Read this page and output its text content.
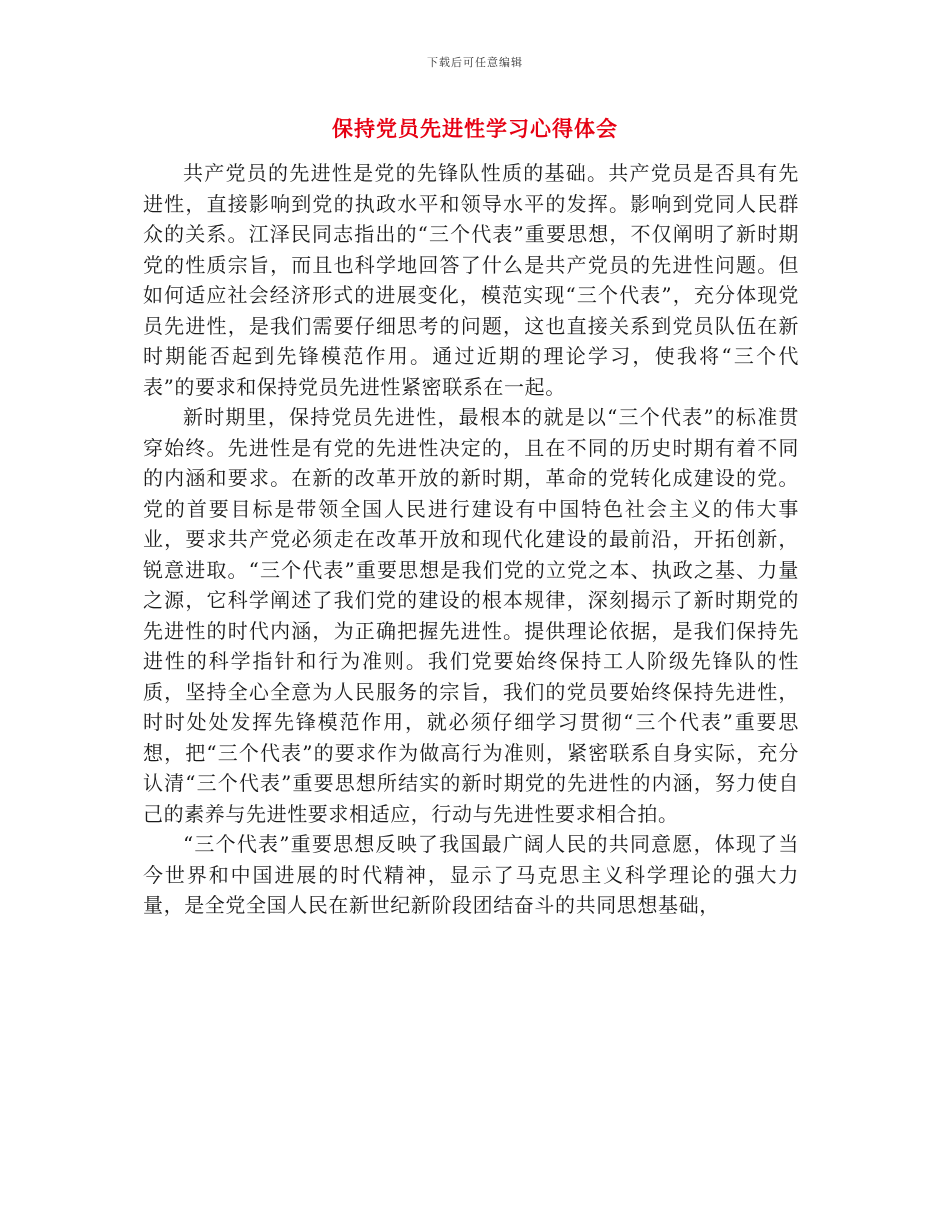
下载后可任意编辑
保持党员先进性学习心得体会

共产党员的先进性是党的先锋队性质的基础。共产党员是否具有先进性，直接影响到党的执政水平和领导水平的发挥。影响到党同人民群众的关系。江泽民同志指出的“三个代表”重要思想，不仅阐明了新时期党的性质宗旨，而且也科学地回答了什么是共产党员的先进性问题。但如何适应社会经济形式的进展变化，模范实现“三个代表”，充分体现党员先进性，是我们需要仔细思考的问题，这也直接关系到党员队伍在新时期能否起到先锋模范作用。通过近期的理论学习，使我将“三个代表”的要求和保持党员先进性紧密联系在一起。

新时期里，保持党员先进性，最根本的就是以“三个代表”的标准贯穿始终。先进性是有党的先进性决定的，且在不同的历史时期有着不同的内涵和要求。在新的改革开放的新时期，革命的党转化成建设的党。党的首要目标是带领全国人民进行建设有中国特色社会主义的伟大事业，要求共产党必须走在改革开放和现代化建设的最前沿，开拓创新，锐意进取。“三个代表”重要思想是我们党的立党之本、执政之基、力量之源，它科学阐述了我们党的建设的根本规律，深刻揭示了新时期党的先进性的时代内涵，为正确把握先进性。提供理论依据，是我们保持先进性的科学指针和行为准则。我们党要始终保持工人阶级先锋队的性质，坚持全心全意为人民服务的宗旨，我们的党员要始终保持先进性，时时处处发挥先锋模范作用，就必须仔细学习贯彻“三个代表”重要思想，把“三个代表”的要求作为做高行为准则，紧密联系自身实际，充分认清“三个代表”重要思想所结实的新时期党的先进性的内涵，努力使自己的素养与先进性要求相适应，行动与先进性要求相合拍。

“三个代表”重要思想反映了我国最广阔人民的共同意愿，体现了当今世界和中国进展的时代精神，显示了马克思主义科学理论的强大力量，是全党全国人民在新世纪新阶段团结奋斗的共同思想基础，
